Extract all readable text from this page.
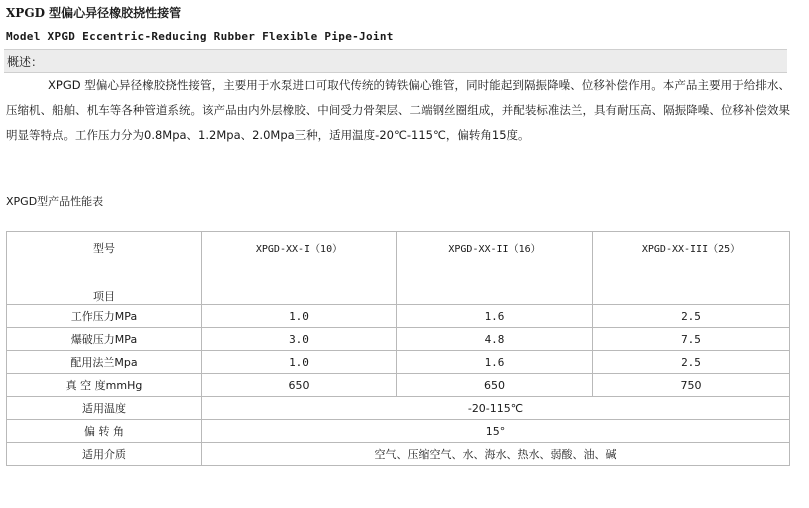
XPGD 型偏心异径橡胶挠性接管
Model XPGD Eccentric-Reducing Rubber Flexible Pipe-Joint
概述：
XPGD 型偏心异径橡胶挠性接管，主要用于水泵进口可取代传统的铸铁偏心锥管，同时能起到隔振降噪、位移补偿作用。本产品主要用于给排水、压缩机、船舶、机车等各种管道系统。该产品由内外层橡胶、中间受力骨架层、二端钢丝圈组成，并配装标准法兰，具有耐压高、隔振降噪、位移补偿效果明显等特点。工作压力分为0.8Mpa、1.2Mpa、2.0Mpa三种，适用温度-20℃-115℃，偏转角15度。
XPGD型产品性能表
型号
项目	XPGD-XX-I（10）	XPGD-XX-II（16）	XPGD-XX-III（25）

工作压力MPa	1.0	1.6	2.5
爆破压力MPa	3.0	4.8	7.5
配用法兰Mpa	1.0	1.6	2.5
真 空 度mmHg	650	650	750
适用温度	-20-115℃		
偏 转 角	15°		
适用介质	空气、压缩空气、水、海水、热水、弱酸、油、碱		
